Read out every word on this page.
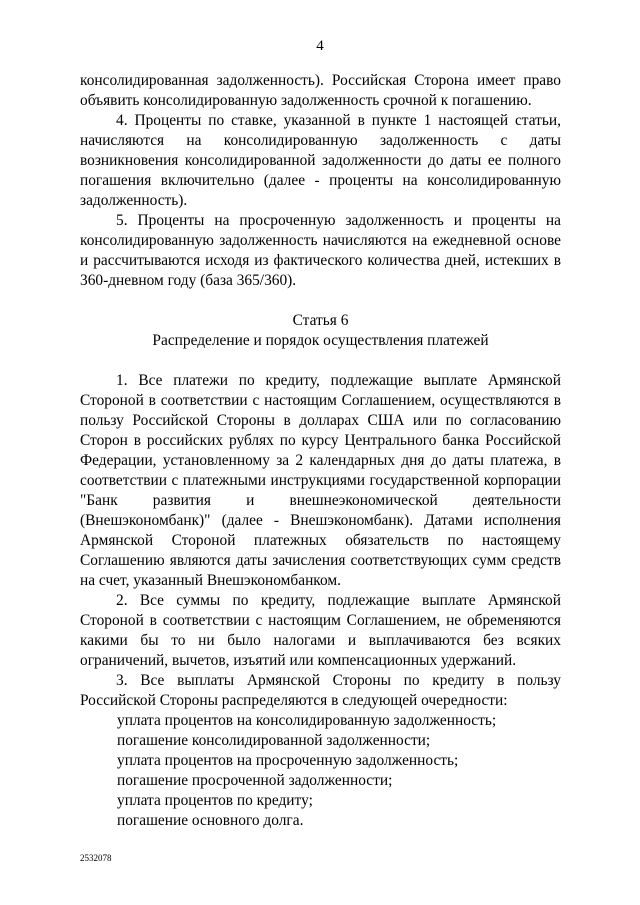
4

консолидированная задолженность). Российская Сторона имеет право объявить консолидированную задолженность срочной к погашению.

4. Проценты по ставке, указанной в пункте 1 настоящей статьи, начисляются на консолидированную задолженность с даты возникновения консолидированной задолженности до даты ее полного погашения включительно (далее - проценты на консолидированную задолженность).

5. Проценты на просроченную задолженность и проценты на консолидированную задолженность начисляются на ежедневной основе и рассчитываются исходя из фактического количества дней, истекших в 360-дневном году (база 365/360).

Статья 6

Распределение и порядок осуществления платежей

1. Все платежи по кредиту, подлежащие выплате Армянской Стороной в соответствии с настоящим Соглашением, осуществляются в пользу Российской Стороны в долларах США или по согласованию Сторон в российских рублях по курсу Центрального банка Российской Федерации, установленному за 2 календарных дня до даты платежа, в соответствии с платежными инструкциями государственной корпорации "Банк развития и внешнеэкономической деятельности (Внешэкономбанк)" (далее - Внешэкономбанк). Датами исполнения Армянской Стороной платежных обязательств по настоящему Соглашению являются даты зачисления соответствующих сумм средств на счет, указанный Внешэкономбанком.

2. Все суммы по кредиту, подлежащие выплате Армянской Стороной в соответствии с настоящим Соглашением, не обременяются какими бы то ни было налогами и выплачиваются без всяких ограничений, вычетов, изъятий или компенсационных удержаний.

3. Все выплаты Армянской Стороны по кредиту в пользу Российской Стороны распределяются в следующей очередности:

уплата процентов на консолидированную задолженность;

погашение консолидированной задолженности;

уплата процентов на просроченную задолженность;

погашение просроченной задолженности;

уплата процентов по кредиту;

погашение основного долга.

2532078
